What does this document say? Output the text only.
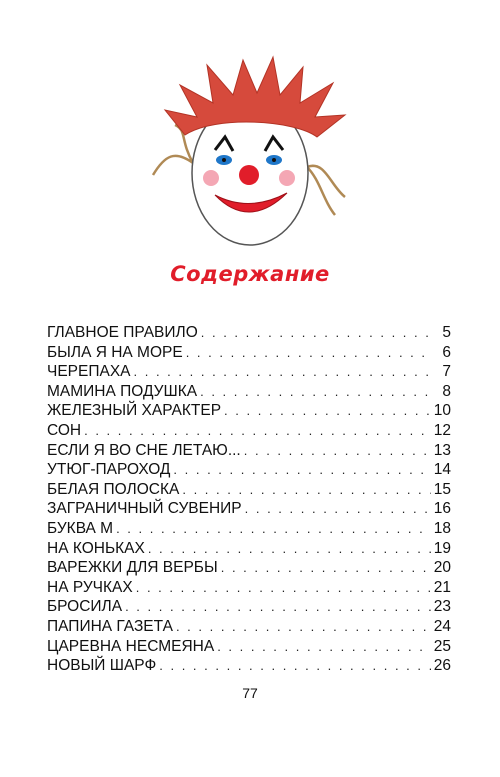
Содержание
ГЛАВНОЕ ПРАВИЛО . . .	5
БЫЛА Я НА МОРЕ . . .	6
ЧЕРЕПАХА . . .	7
МАМИНА ПОДУШКА . . .	8
ЖЕЛЕЗНЫЙ ХАРАКТЕР . . .	10
СОН . . .	12
ЕСЛИ Я ВО СНЕ ЛЕТАЮ... . . .	13
УТЮГ-ПАРОХОД . . .	14
БЕЛАЯ ПОЛОСКА . . .	15
ЗАГРАНИЧНЫЙ СУВЕНИР . . .	16
БУКВА М . . .	18
НА КОНЬКАХ . . .	19
ВАРЕЖКИ ДЛЯ ВЕРБЫ . . .	20
НА РУЧКАХ . . .	21
БРОСИЛА . . .	23
ПАПИНА ГАЗЕТА . . .	24
ЦАРЕВНА НЕСМЕЯНА . . .	25
НОВЫЙ ШАРФ . . .	26
77
